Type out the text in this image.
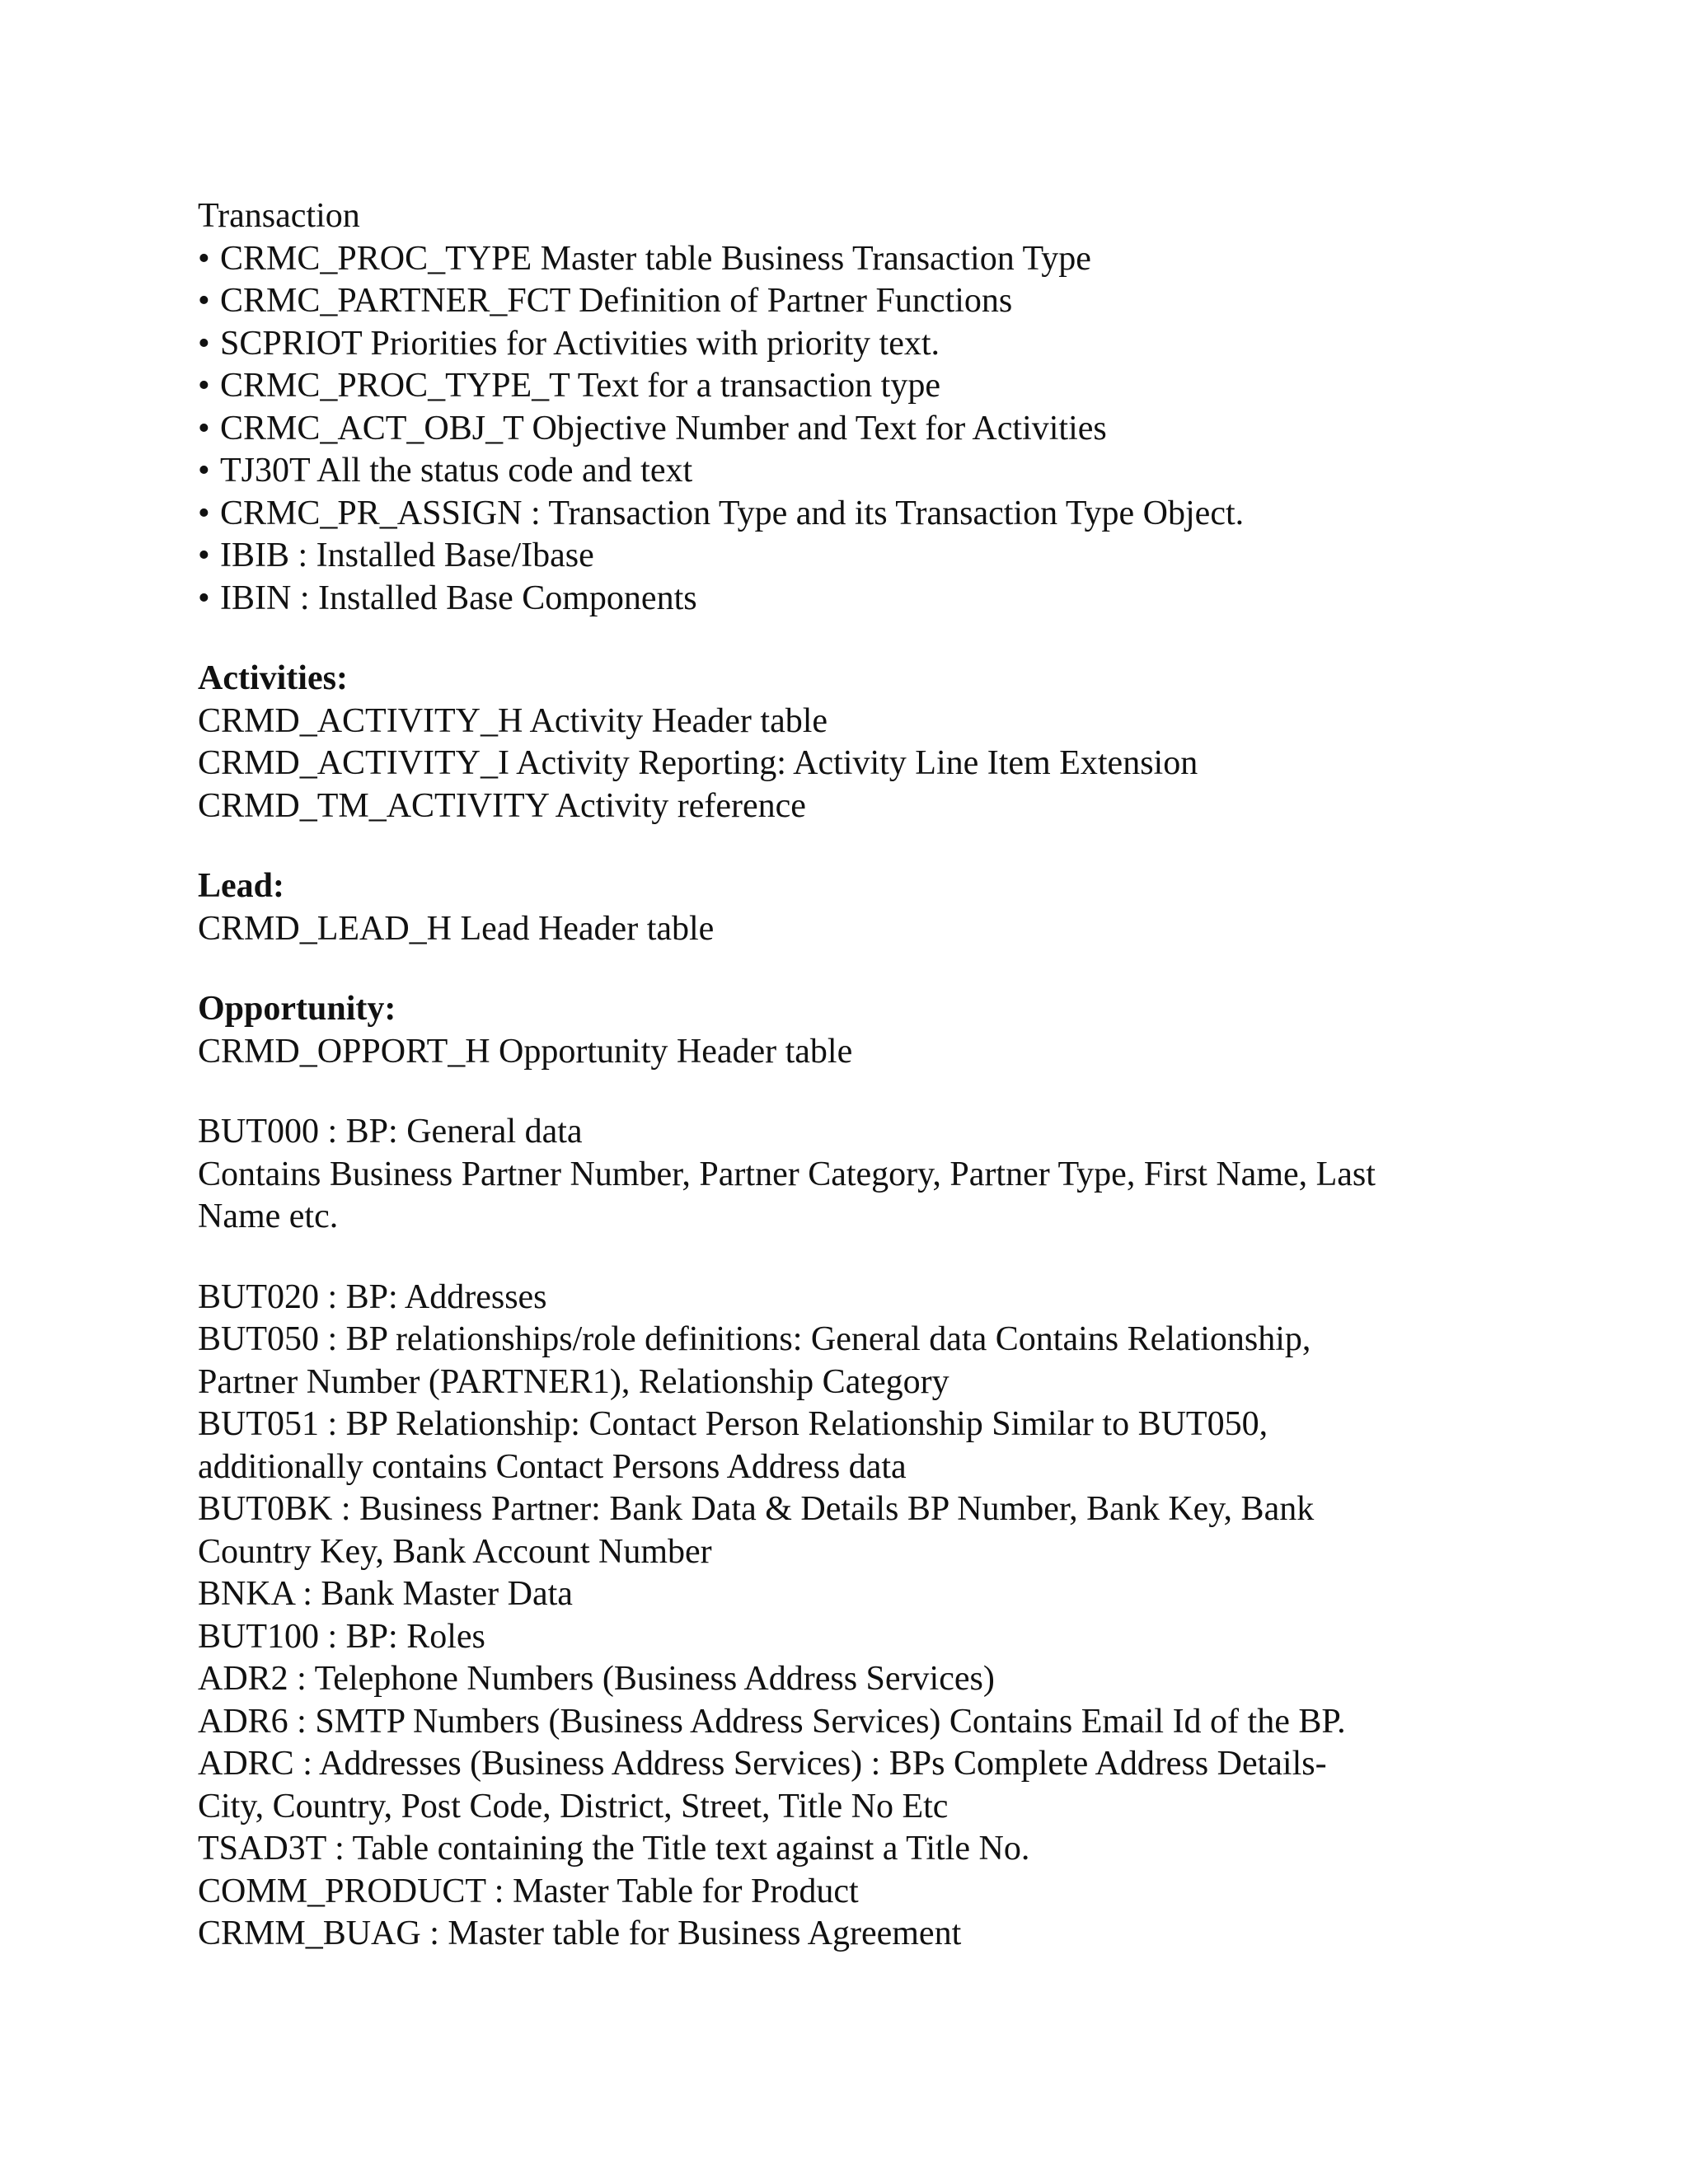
Transaction
• CRMC_PROC_TYPE Master table Business Transaction Type
• CRMC_PARTNER_FCT Definition of Partner Functions
• SCPRIOT Priorities for Activities with priority text.
• CRMC_PROC_TYPE_T Text for a transaction type
• CRMC_ACT_OBJ_T Objective Number and Text for Activities
• TJ30T All the status code and text
• CRMC_PR_ASSIGN : Transaction Type and its Transaction Type Object.
• IBIB : Installed Base/Ibase
• IBIN : Installed Base Components
Activities:
CRMD_ACTIVITY_H Activity Header table
CRMD_ACTIVITY_I Activity Reporting: Activity Line Item Extension
CRMD_TM_ACTIVITY Activity reference
Lead:
CRMD_LEAD_H Lead Header table
Opportunity:
CRMD_OPPORT_H Opportunity Header table
BUT000 : BP: General data
Contains Business Partner Number, Partner Category, Partner Type, First Name, Last
Name etc.
BUT020 : BP: Addresses
BUT050 : BP relationships/role definitions: General data Contains Relationship,
Partner Number (PARTNER1), Relationship Category
BUT051 : BP Relationship: Contact Person Relationship Similar to BUT050,
additionally contains Contact Persons Address data
BUT0BK : Business Partner: Bank Data & Details BP Number, Bank Key, Bank
Country Key, Bank Account Number
BNKA : Bank Master Data
BUT100 : BP: Roles
ADR2 : Telephone Numbers (Business Address Services)
ADR6 : SMTP Numbers (Business Address Services) Contains Email Id of the BP.
ADRC : Addresses (Business Address Services) : BPs Complete Address Details-
City, Country, Post Code, District, Street, Title No Etc
TSAD3T : Table containing the Title text against a Title No.
COMM_PRODUCT : Master Table for Product
CRMM_BUAG : Master table for Business Agreement
